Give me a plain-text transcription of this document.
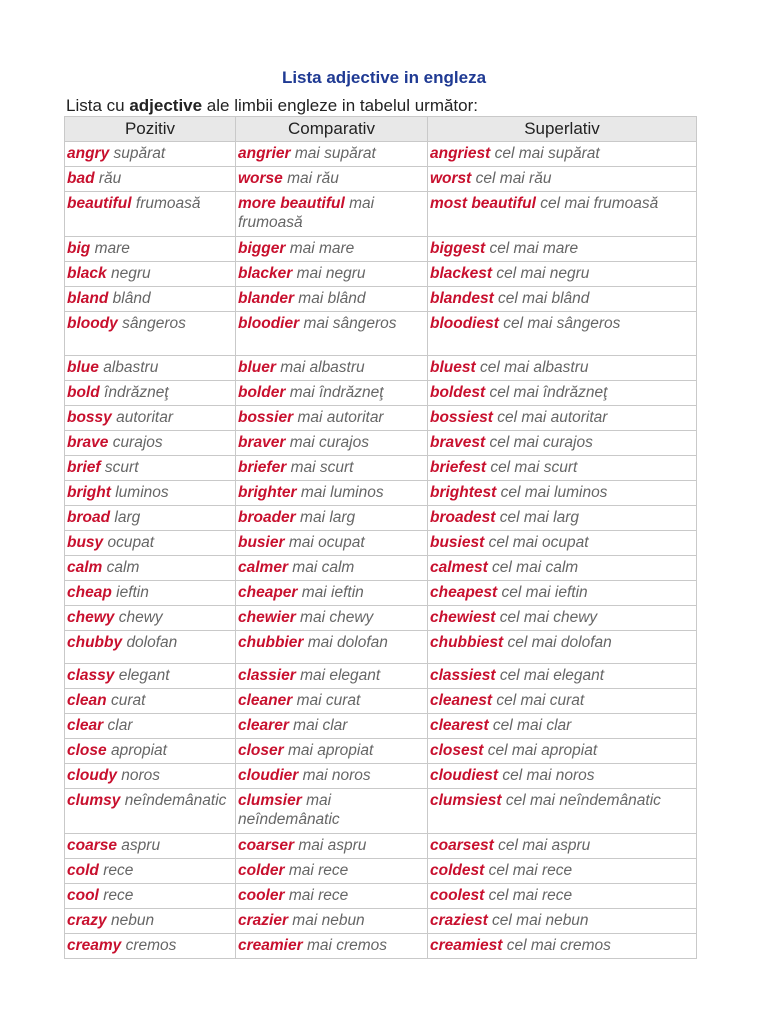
Lista adjective in engleza
Lista cu adjective ale limbii engleze in tabelul următor:
Pozitiv	Comparativ	Superlativ
angry supărat	angrier mai supărat	angriest cel mai supărat
bad rău	worse mai rău	worst cel mai rău
beautiful frumoasă	more beautiful mai frumoasă	most beautiful cel mai frumoasă
big mare	bigger mai mare	biggest cel mai mare
black negru	blacker mai negru	blackest cel mai negru
bland blând	blander mai blând	blandest cel mai blând
bloody sângeros	bloodier mai sângeros	bloodiest cel mai sângeros
blue albastru	bluer mai albastru	bluest cel mai albastru
bold îndrăzneţ	bolder mai îndrăzneţ	boldest cel mai îndrăzneţ
bossy autoritar	bossier mai autoritar	bossiest cel mai autoritar
brave curajos	braver mai curajos	bravest cel mai curajos
brief scurt	briefer mai scurt	briefest cel mai scurt
bright luminos	brighter mai luminos	brightest cel mai luminos
broad larg	broader mai larg	broadest cel mai larg
busy ocupat	busier mai ocupat	busiest cel mai ocupat
calm calm	calmer mai calm	calmest cel mai calm
cheap ieftin	cheaper mai ieftin	cheapest cel mai ieftin
chewy chewy	chewier mai chewy	chewiest cel mai chewy
chubby dolofan	chubbier mai dolofan	chubbiest cel mai dolofan
classy elegant	classier mai elegant	classiest cel mai elegant
clean curat	cleaner mai curat	cleanest cel mai curat
clear clar	clearer mai clar	clearest cel mai clar
close apropiat	closer mai apropiat	closest cel mai apropiat
cloudy noros	cloudier mai noros	cloudiest cel mai noros
clumsy neîndemânatic	clumsier mai neîndemânatic	clumsiest cel mai neîndemânatic
coarse aspru	coarser mai aspru	coarsest cel mai aspru
cold rece	colder mai rece	coldest cel mai rece
cool rece	cooler mai rece	coolest cel mai rece
crazy nebun	crazier mai nebun	craziest cel mai nebun
creamy cremos	creamier mai cremos	creamiest cel mai cremos
